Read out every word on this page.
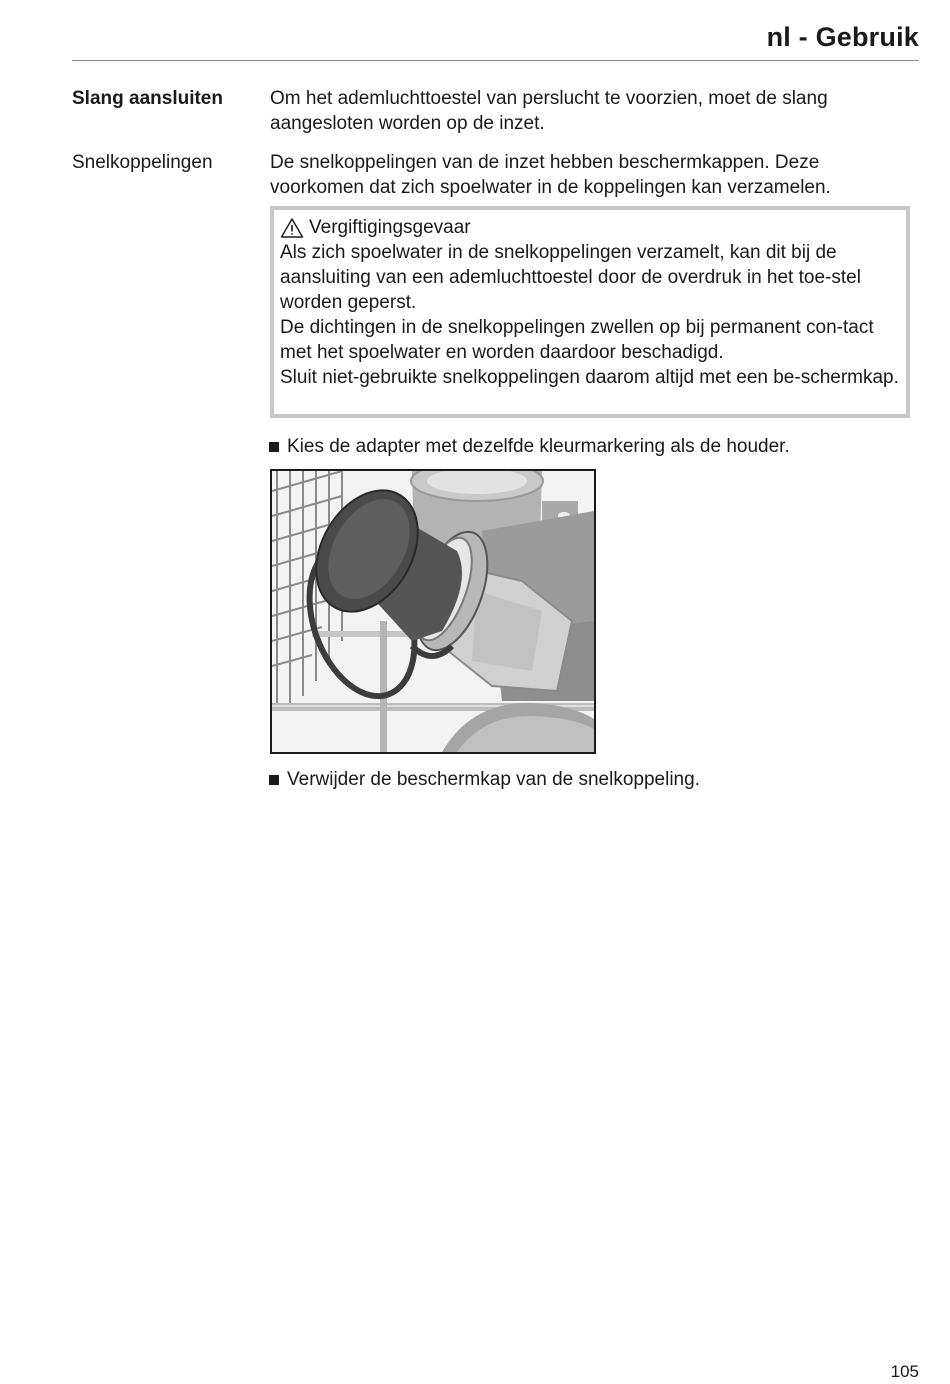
nl - Gebruik
Slang aansluiten Om het ademluchttoestel van perslucht te voorzien, moet de slang aangesloten worden op de inzet.
Snelkoppelingen	De snelkoppelingen van de inzet hebben beschermkappen. Deze voorkomen dat zich spoelwater in de koppelingen kan verzamelen.
Vergiftigingsgevaar

Als zich spoelwater in de snelkoppelingen verzamelt, kan dit bij de aansluiting van een ademluchttoestel door de overdruk in het toe-stel worden geperst.

De dichtingen in de snelkoppelingen zwellen op bij permanent con-tact met het spoelwater en worden daardoor beschadigd.

Sluit niet-gebruikte snelkoppelingen daarom altijd met een be-schermkap.

Kies de adapter met dezelfde kleurmarkering als de houder.
Verwijder de beschermkap van de snelkoppeling.
105
